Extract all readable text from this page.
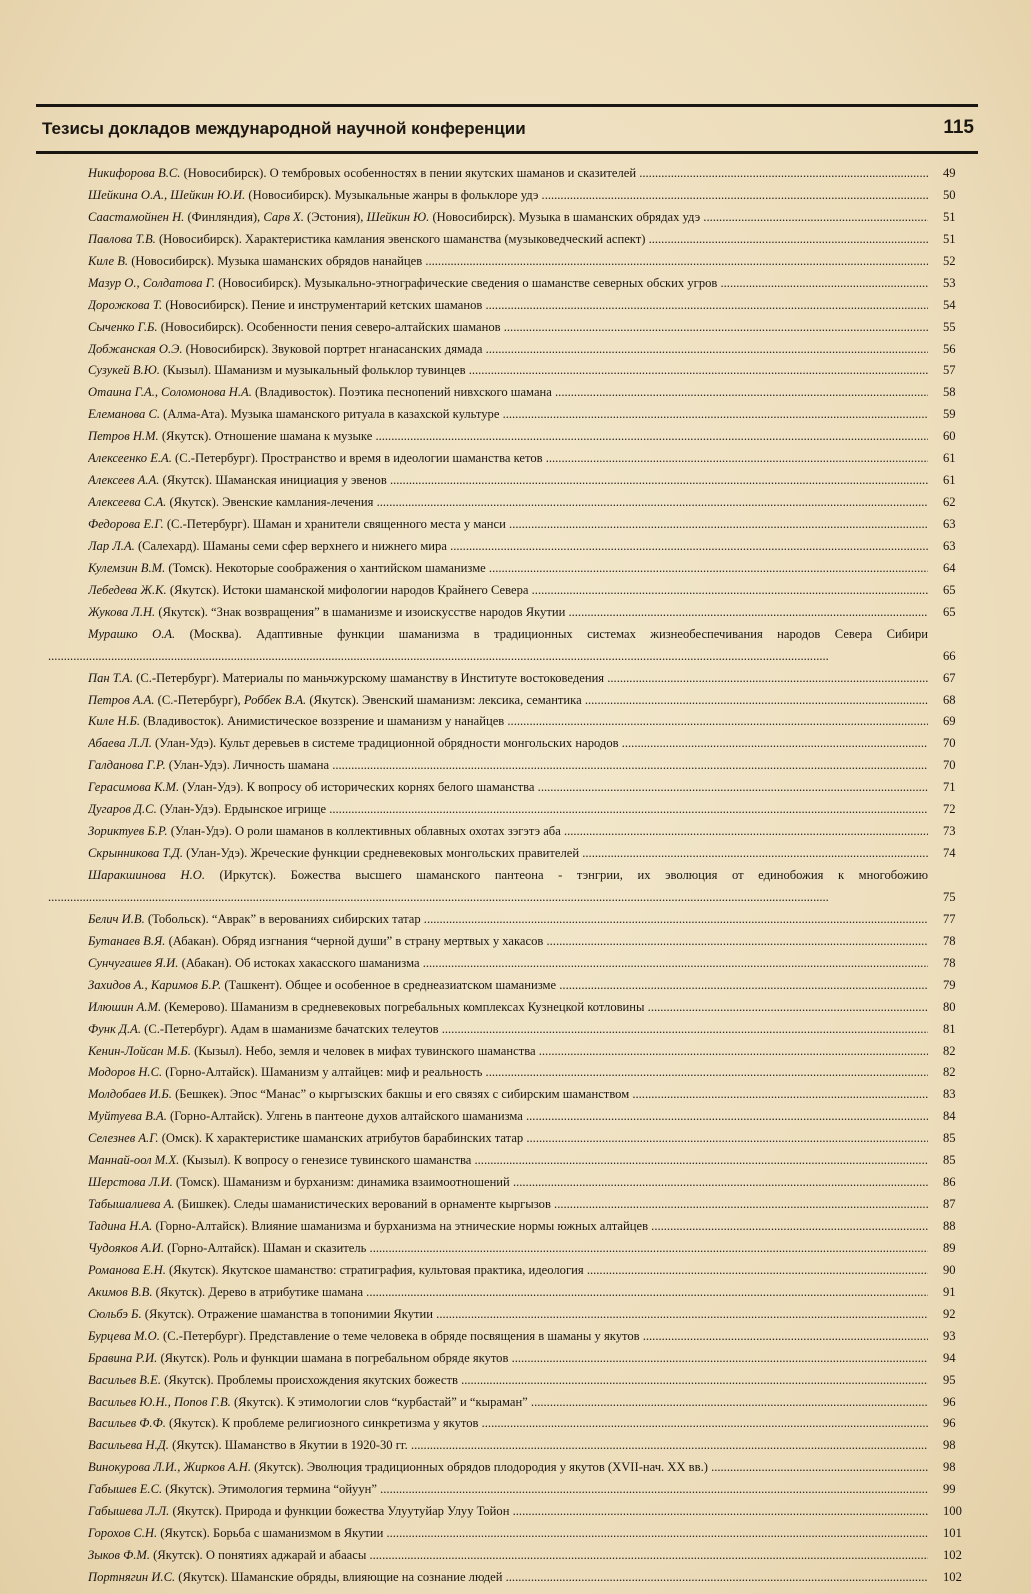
Тезисы докладов международной научной конференции	115
Никифорова В.С. (Новосибирск). О тембровых особенностях в пении якутских шаманов и сказителей .....	49
Шейкина О.А., Шейкин Ю.И. (Новосибирск). Музыкальные жанры в фольклоре удэ .....	50
Саастамойнен Н. (Финляндия), Сарв Х. (Эстония), Шейкин Ю. (Новосибирск). Музыка в шаманских обрядах удэ .....	51
Павлова Т.В. (Новосибирск). Характеристика камлания эвенского шаманства (музыковедческий аспект) .....	51
Киле В. (Новосибирск). Музыка шаманских обрядов нанайцев .....	52
Мазур О., Солдатова Г. (Новосибирск). Музыкально-этнографические сведения о шаманстве северных обских угров .....	53
Дорожкова Т. (Новосибирск). Пение и инструментарий кетских шаманов .....	54
Сыченко Г.Б. (Новосибирск). Особенности пения северо-алтайских шаманов .....	55
Добжанская О.Э. (Новосибирск). Звуковой портрет нганасанских дямада .....	56
Сузукей В.Ю. (Кызыл). Шаманизм и музыкальный фольклор тувинцев .....	57
Отаина Г.А., Соломонова Н.А. (Владивосток). Поэтика песнопений нивхского шамана .....	58
Елеманова С. (Алма-Ата). Музыка шаманского ритуала в казахской культуре .....	59
Петров Н.М. (Якутск). Отношение шамана к музыке .....	60
Алексеенко Е.А. (С.-Петербург). Пространство и время в идеологии шаманства кетов .....	61
Алексеев А.А. (Якутск). Шаманская инициация у эвенов .....	61
Алексеева С.А. (Якутск). Эвенские камлания-лечения .....	62
Федорова Е.Г. (С.-Петербург). Шаман и хранители священного места у манси .....	63
Лар Л.А. (Салехард). Шаманы семи сфер верхнего и нижнего мира .....	63
Кулемзин В.М. (Томск). Некоторые соображения о хантийском шаманизме .....	64
Лебедева Ж.К. (Якутск). Истоки шаманской мифологии народов Крайнего Севера .....	65
Жукова Л.Н. (Якутск). “Знак возвращения” в шаманизме и изоискусстве народов Якутии .....	65
Мурашко О.А. (Москва). Адаптивные функции шаманизма в традиционных системах жизнеобеспечивания народов Севера Сибири .....
66
Пан Т.А. (С.-Петербург). Материалы по маньчжурскому шаманству в Институте востоковедения .....	67
Петров А.А. (С.-Петербург), Роббек В.А. (Якутск). Эвенский шаманизм: лексика, семантика .....	68
Киле Н.Б. (Владивосток). Анимистическое воззрение и шаманизм у нанайцев .....	69
Абаева Л.Л. (Улан-Удэ). Культ деревьев в системе традиционной обрядности монгольских народов .....	70
Галданова Г.Р. (Улан-Удэ). Личность шамана .....	70
Герасимова К.М. (Улан-Удэ). К вопросу об исторических корнях белого шаманства .....	71
Дугаров Д.С. (Улан-Удэ). Ердынское игрище .....	72
Зориктуев Б.Р. (Улан-Удэ). О роли шаманов в коллективных облавных охотах зэгэтэ аба .....	73
Скрынникова Т.Д. (Улан-Удэ). Жреческие функции средневековых монгольских правителей .....	74
Шаракшинова Н.О. (Иркутск). Божества высшего шаманского пантеона - тэнгрии, их эволюция от единобожия к многобожию .....
75
Белич И.В. (Тобольск). “Аврак” в верованиях сибирских татар .....	77
Бутанаев В.Я. (Абакан). Обряд изгнания “черной души” в страну мертвых у хакасов .....	78
Сунчугашев Я.И. (Абакан). Об истоках хакасского шаманизма .....	78
Захидов А., Каримов Б.Р. (Ташкент). Общее и особенное в среднеазиатском шаманизме .....	79
Илюшин А.М. (Кемерово). Шаманизм в средневековых погребальных комплексах Кузнецкой котловины .....	80
Функ Д.А. (С.-Петербург). Адам в шаманизме бачатских телеутов .....	81
Кенин-Лойсан М.Б. (Кызыл). Небо, земля и человек в мифах тувинского шаманства .....	82
Модоров Н.С. (Горно-Алтайск). Шаманизм у алтайцев: миф и реальность .....	82
Молдобаев И.Б. (Бешкек). Эпос “Манас” о кыргызских бакшы и его связях с сибирским шаманством .....	83
Муйтуева В.А. (Горно-Алтайск). Улгень в пантеоне духов алтайского шаманизма .....	84
Селезнев А.Г. (Омск). К характеристике шаманских атрибутов барабинских татар .....	85
Маннай-оол М.Х. (Кызыл). К вопросу о генезисе тувинского шаманства .....	85
Шерстова Л.И. (Томск). Шаманизм и бурханизм: динамика взаимоотношений .....	86
Табышалиева А. (Бишкек). Следы шаманистических верований в орнаменте кыргызов .....	87
Тадина Н.А. (Горно-Алтайск). Влияние шаманизма и бурханизма на этнические нормы южных алтайцев .....	88
Чудояков А.И. (Горно-Алтайск). Шаман и сказитель .....	89
Романова Е.Н. (Якутск). Якутское шаманство: стратиграфия, культовая практика, идеология .....	90
Акимов В.В. (Якутск). Дерево в атрибутике шамана .....	91
Сюльбэ Б. (Якутск). Отражение шаманства в топонимии Якутии .....	92
Бурцева М.О. (С.-Петербург). Представление о теме человека в обряде посвящения в шаманы у якутов .....	93
Бравина Р.И. (Якутск). Роль и функции шамана в погребальном обряде якутов .....	94
Васильев В.Е. (Якутск). Проблемы происхождения якутских божеств .....	95
Васильев Ю.Н., Попов Г.В. (Якутск). К этимологии слов “курбастай” и “кыраман” .....	96
Васильев Ф.Ф. (Якутск). К проблеме религиозного синкретизма у якутов .....	96
Васильева Н.Д. (Якутск). Шаманство в Якутии в 1920-30 гг. .....	98
Винокурова Л.И., Жирков А.Н. (Якутск). Эволюция традиционных обрядов плодородия у якутов (XVII-нач. XX вв.) .....	98
Габышев Е.С. (Якутск). Этимология термина “ойуун” .....	99
Габышева Л.Л. (Якутск). Природа и функции божества Улуутуйар Улуу Тойон .....	100
Горохов С.Н. (Якутск). Борьба с шаманизмом в Якутии .....	101
Зыков Ф.М. (Якутск). О понятиях аджарай и абаасы .....	102
Портнягин И.С. (Якутск). Шаманские обряды, влияющие на сознание людей .....	102
